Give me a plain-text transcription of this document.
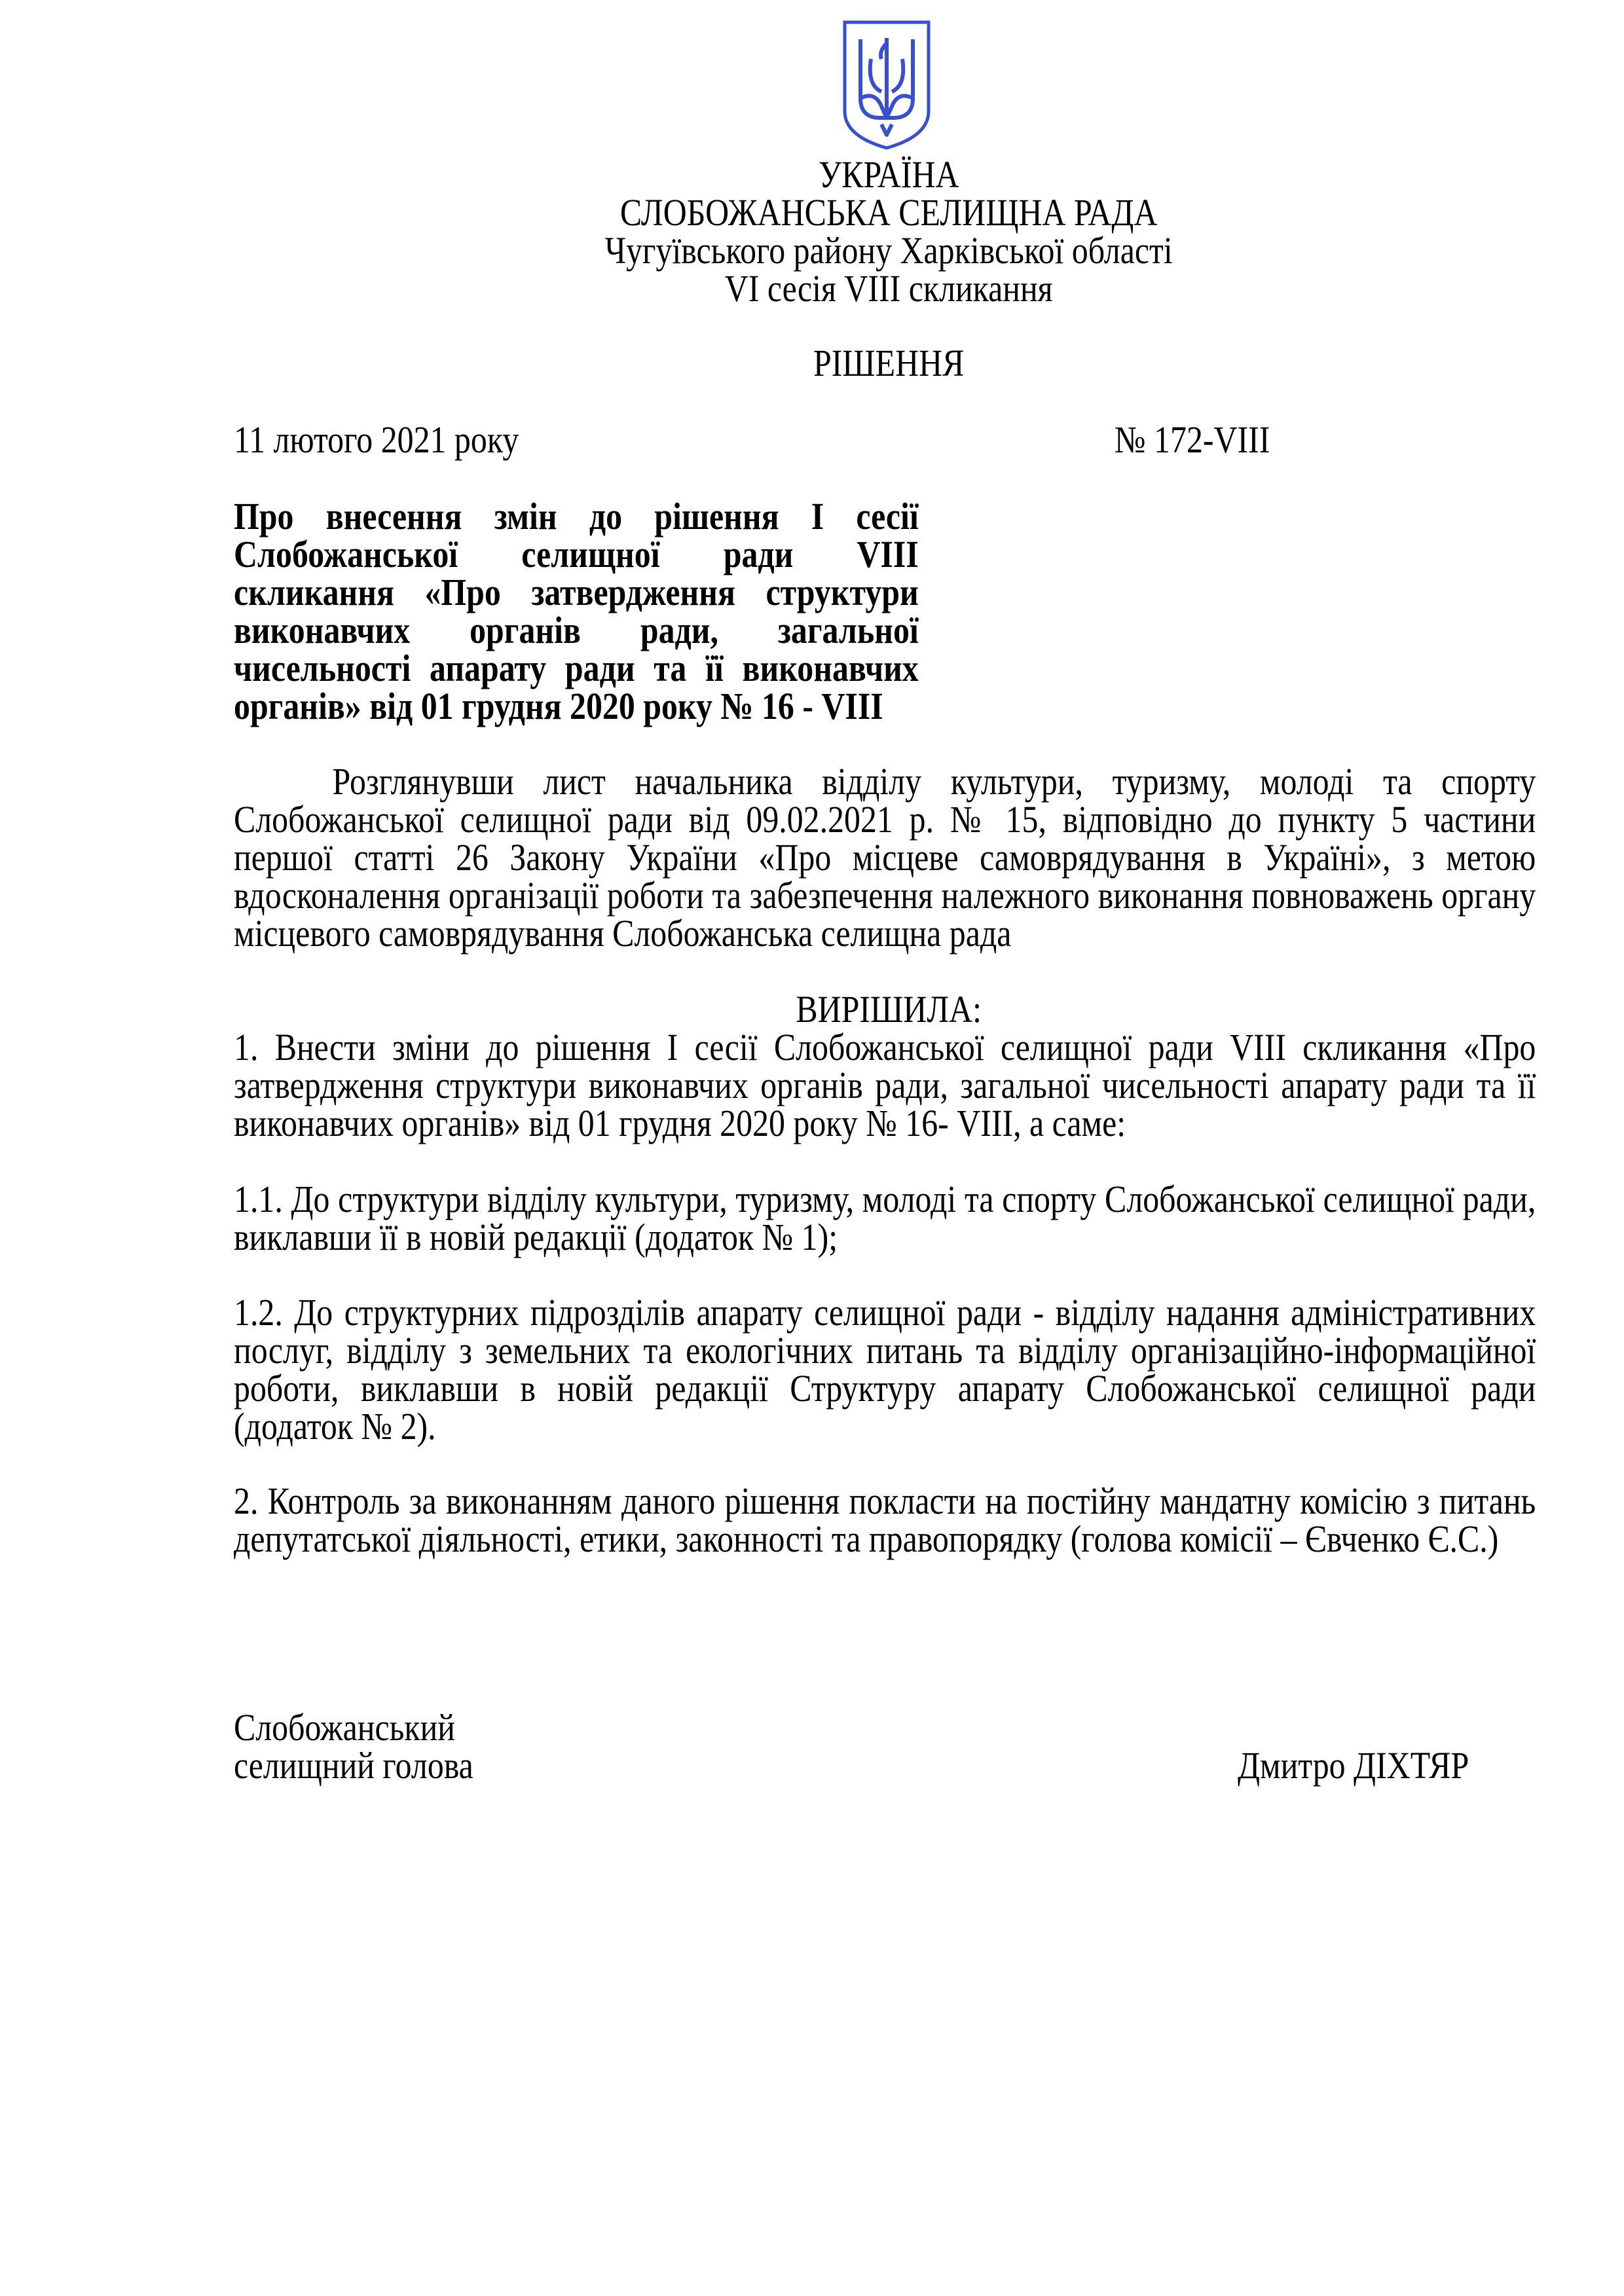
УКРАЇНА

СЛОБОЖАНСЬКА СЕЛИЩНА РАДА

Чугуївського району Харківської області

VI сесія VIII скликання

РІШЕННЯ
11 лютого 2021 року	№ 172-VIII
Про внесення змін до рішення I сесії Слобожанської селищної ради VIII скликання «Про затвердження структури виконавчих органів ради, загальної чисельності апарату ради та її виконавчих органів» від 01 грудня 2020 року № 16 - VIII
Розглянувши лист начальника відділу культури, туризму, молоді та спорту Слобожанської селищної ради від 09.02.2021 р. № 15, відповідно до пункту 5 частини першої статті 26 Закону України «Про місцеве самоврядування в Україні», з метою вдосконалення організації роботи та забезпечення належного виконання повноважень органу місцевого самоврядування Слобожанська селищна рада
ВИРІШИЛА:
1. Внести зміни до рішення I сесії Слобожанської селищної ради VIII скликання «Про затвердження структури виконавчих органів ради, загальної чисельності апарату ради та її виконавчих органів» від 01 грудня 2020 року № 16- VIII, а саме:
1.1. До структури відділу культури, туризму, молоді та спорту Слобожанської селищної ради, виклавши її в новій редакції (додаток № 1);
1.2. До структурних підрозділів апарату селищної ради - відділу надання адміністративних послуг, відділу з земельних та екологічних питань та відділу організаційно-інформаційної роботи, виклавши в новій редакції Структуру апарату Слобожанської селищної ради (додаток № 2).
2. Контроль за виконанням даного рішення покласти на постійну мандатну комісію з питань депутатської діяльності, етики, законності та правопорядку (голова комісії – Євченко Є.С.)

Слобожанський

селищний голова	Дмитро ДІХТЯР
